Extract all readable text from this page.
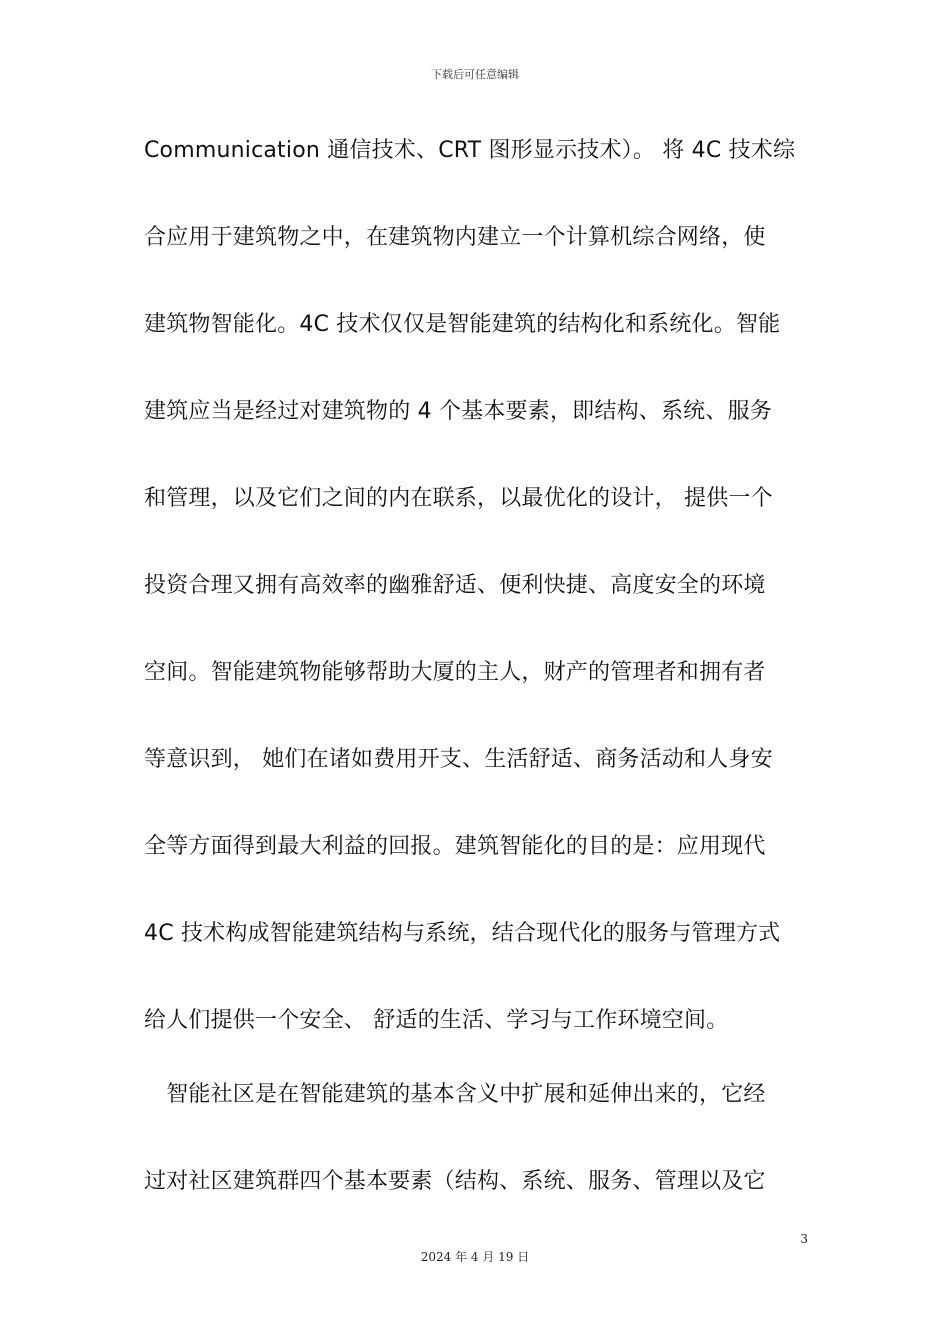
下载后可任意编辑
Communication 通信技术、CRT 图形显示技术）。 将 4C 技术综
合应用于建筑物之中，在建筑物内建立一个计算机综合网络，使
建筑物智能化。4C 技术仅仅是智能建筑的结构化和系统化。智能
建筑应当是经过对建筑物的 4 个基本要素，即结构、系统、服务
和管理，以及它们之间的内在联系，以最优化的设计， 提供一个
投资合理又拥有高效率的幽雅舒适、便利快捷、高度安全的环境
空间。智能建筑物能够帮助大厦的主人，财产的管理者和拥有者
等意识到， 她们在诸如费用开支、生活舒适、商务活动和人身安
全等方面得到最大利益的回报。建筑智能化的目的是：应用现代
4C 技术构成智能建筑结构与系统，结合现代化的服务与管理方式
给人们提供一个安全、 舒适的生活、学习与工作环境空间。
　智能社区是在智能建筑的基本含义中扩展和延伸出来的，它经
过对社区建筑群四个基本要素（结构、系统、服务、管理以及它
3
2024 年 4 月 19 日
